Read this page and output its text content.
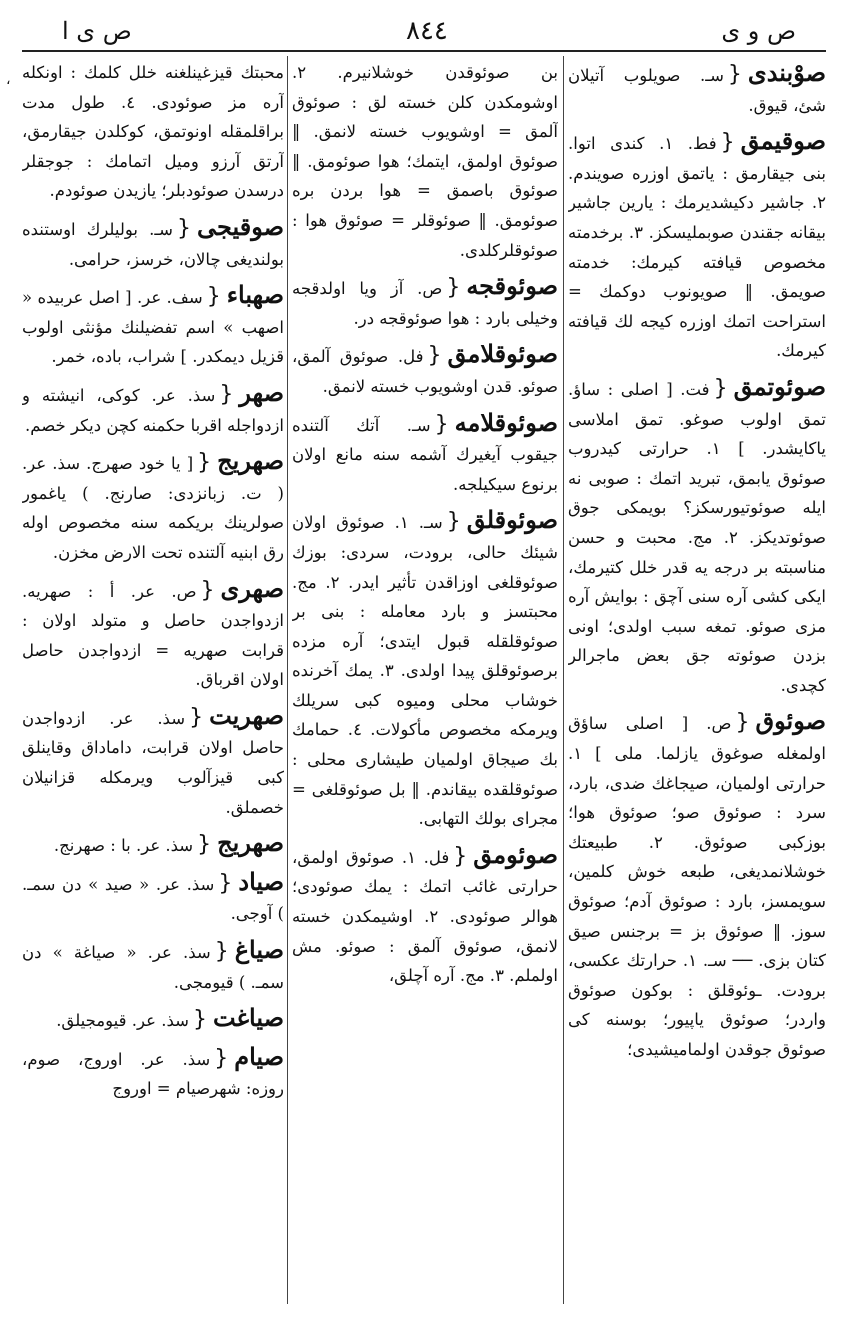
ص و ى
٨٤٤
ص ى ا
،	صوْبندى{سـ. صويلوب آتيلان شئ، قيوق.

صوقيمق{فط. ١. كندى اتوا. بنى جيقارمق : ياتمق اوزره صويندم. ٢. جاشير دكيشديرمك : يارين جاشير بيقانه جقندن صوبمليسكز. ٣. برخدمته مخصوص قيافته كيرمك: خدمته صويمق. ‖ صويونوب دوكمك = استراحت اتمك اوزره كيجه لك قيافته كيرمك.

صوئوتمق{فت. [ اصلى : ساؤ. تمق اولوب صوغو. تمق املاسى ياكايشدر. ] ١. حرارتى كيدروب صوئوق يابمق، تبريد اتمك : صوبى نه ايله صوئوتيورسكز؟ بويمكى جوق صوئوتديكز. ٢. مج. محبت و حسن مناسبته بر درجه يه قدر خلل كتيرمك، ايكى كشى آره سنى آچق : بوايش آره مزى صوئو. تمغه سبب اولدى؛ اونى بزدن صوئوته جق بعض ماجرالر كچدى.

صوئوق{ص. [ اصلى ساؤق اولمغله صوغوق يازلما. ملى ] ١. حرارتى اولميان، صيجاغك ضدى، بارد، سرد : صوئوق صو؛ صوئوق هوا؛ بوزكبى صوئوق. ٢. طبيعتك خوشلانمديغى، طبعه خوش كلمين، سويمسز، بارد : صوئوق آدم؛ صوئوق سوز. ‖ صوئوق بز = برجنس صيق كتان بزى. ── سـ. ١. حرارتك عكسى، برودت. ـوئوقلق : بوكون صوئوق واردر؛ صوئوق ياپيور؛ بوسنه كى صوئوق جوقدن اولماميشيدى؛

بن صوئوقدن خوشلانيرم. ٢. اوشومكدن كلن خسته لق : صوئوق آلمق = اوشويوب خسته لانمق. ‖ صوئوق اولمق، ايتمك؛ هوا صوئومق. ‖ صوئوق باصمق = هوا بردن بره صوئومق. ‖ صوئوقلر = صوئوق هوا : صوئوقلركلدى.

صوئوقجه{ص. آز ويا اولدقجه وخيلى بارد : هوا صوئوقجه در.

صوئوقلامق{فل. صوئوق آلمق، صوئو. قدن اوشويوب خسته لانمق.

صوئوقلامه{سـ. آتك آلتنده جيقوب آيغيرك آشمه سنه مانع اولان برنوع سيكيلجه.

صوئوقلق{سـ. ١. صوئوق اولان شيئك حالى، برودت، سردى: بوزك صوئوقلغى اوزاقدن تأثير ايدر. ٢. مج. محبتسز و بارد معامله : بنى بر صوئوقلقله قبول ايتدى؛ آره مزده برصوئوقلق پيدا اولدى. ٣. يمك آخرنده خوشاب محلى وميوه كبى سريلك ويرمكه مخصوص مأكولات. ٤. حمامك بك صيجاق اولميان طيشارى محلى : صوئوقلقده بيقاندم. ‖ بل صوئوقلغى = مجراى بولك التهابى.

صوئومق{فل. ١. صوئوق اولمق، حرارتى غائب اتمك : يمك صوئودى؛ هوالر صوئودى. ٢. اوشيمكدن خسته لانمق، صوئوق آلمق : صوئو. مش اولملم. ٣. مج. آره آچلق،

محبتك قيزغينلغنه خلل كلمك : اونكله آره مز صوئودى. ٤. طول مدت براقلمقله اونوتمق، كوكلدن جيقارمق، آرتق آرزو وميل اتمامك : جوجقلر درسدن صوئودبلر؛ يازيدن صوئودم.

صوقيجى{سـ. بوليلرك اوستنده بولنديغى چالان، خرسز، حرامى.

صهباء{سف. عر. [ اصل عربيده « اصهب » اسم تفضيلنك مؤنثى اولوب قزيل ديمكدر. ] شراب، باده، خمر.

صهر{سذ. عر. كوكى، انيشته و ازدواجله اقربا حكمنه كچن ديكر خصم.

صهريج{[ يا خود صهرج. سذ. عر. ( ت. زبانزدى: صارنج. ) ياغمور صولرينك بريكمه سنه مخصوص اوله رق ابنيه آلتنده تحت الارض مخزن.

صهرى{ص. عر. أ : صهريه. ازدواجدن حاصل و متولد اولان : قرابت صهريه = ازدواجدن حاصل اولان اقرباق.

صهريت{سذ. عر. ازدواجدن حاصل اولان قرابت، داماداق وقاينلق كبى قيزآلوب ويرمكله قزانيلان خصملق.

صهريج{سذ. عر. با : صهرنج.

صياد{سذ. عر. « صيد » دن سمـ. ) آوجى.

صياغ{سذ. عر. « صياغة » دن سمـ. ) قيومجى.

صياغت{سذ. عر. قيومجيلق.

صيام{سذ. عر. اوروج، صوم، روزه: شهرصيام = اوروج
